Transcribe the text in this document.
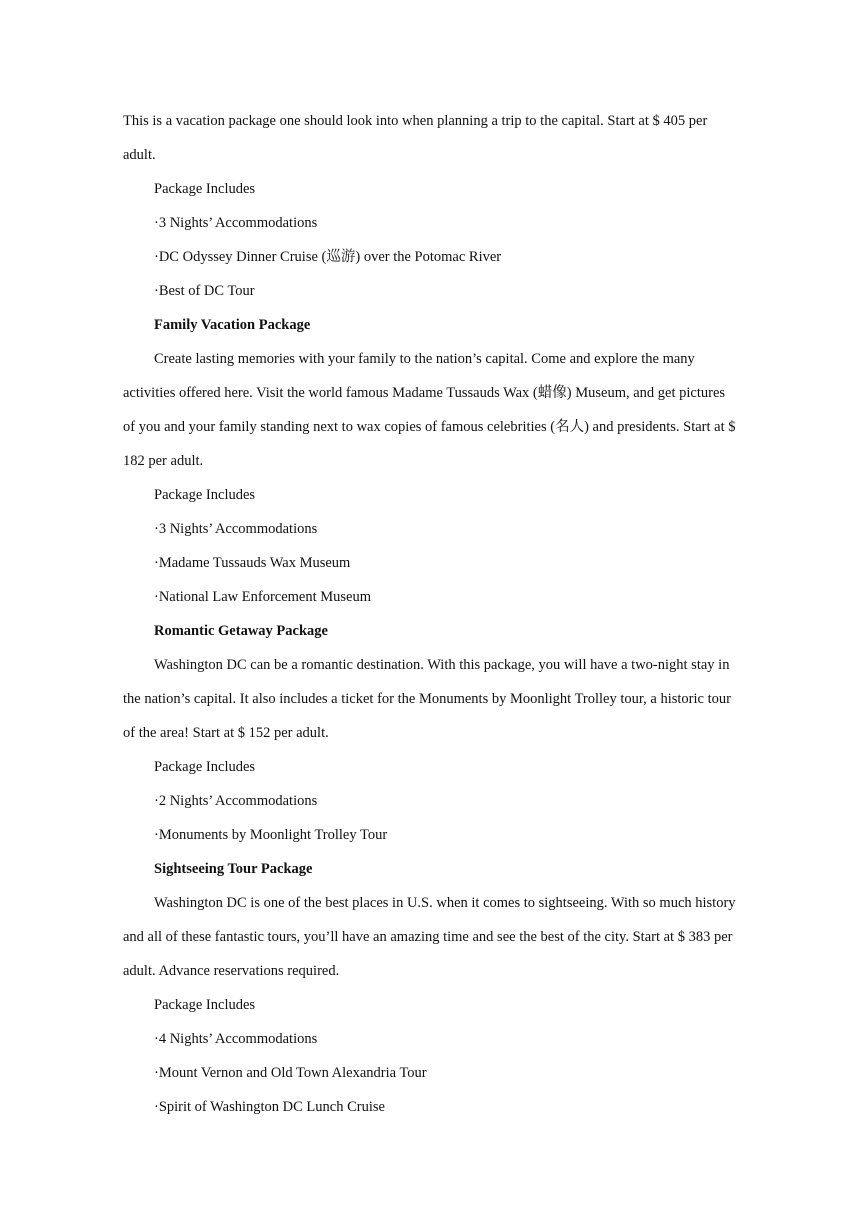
This is a vacation package one should look into when planning a trip to the capital. Start at $ 405 per adult.

Package Includes

·3 Nights’ Accommodations

·DC Odyssey Dinner Cruise (巡游) over the Potomac River

·Best of DC Tour

Family Vacation Package

Create lasting memories with your family to the nation’s capital. Come and explore the many activities offered here. Visit the world famous Madame Tussauds Wax (蜡像) Museum, and get pictures of you and your family standing next to wax copies of famous celebrities (名人) and presidents. Start at $ 182 per adult.

Package Includes

·3 Nights’ Accommodations

·Madame Tussauds Wax Museum

·National Law Enforcement Museum

Romantic Getaway Package

Washington DC can be a romantic destination. With this package, you will have a two-night stay in the nation’s capital. It also includes a ticket for the Monuments by Moonlight Trolley tour, a historic tour of the area! Start at $ 152 per adult.

Package Includes

·2 Nights’ Accommodations

·Monuments by Moonlight Trolley Tour

Sightseeing Tour Package

Washington DC is one of the best places in U.S. when it comes to sightseeing. With so much history and all of these fantastic tours, you’ll have an amazing time and see the best of the city. Start at $ 383 per adult. Advance reservations required.

Package Includes

·4 Nights’ Accommodations

·Mount Vernon and Old Town Alexandria Tour

·Spirit of Washington DC Lunch Cruise
